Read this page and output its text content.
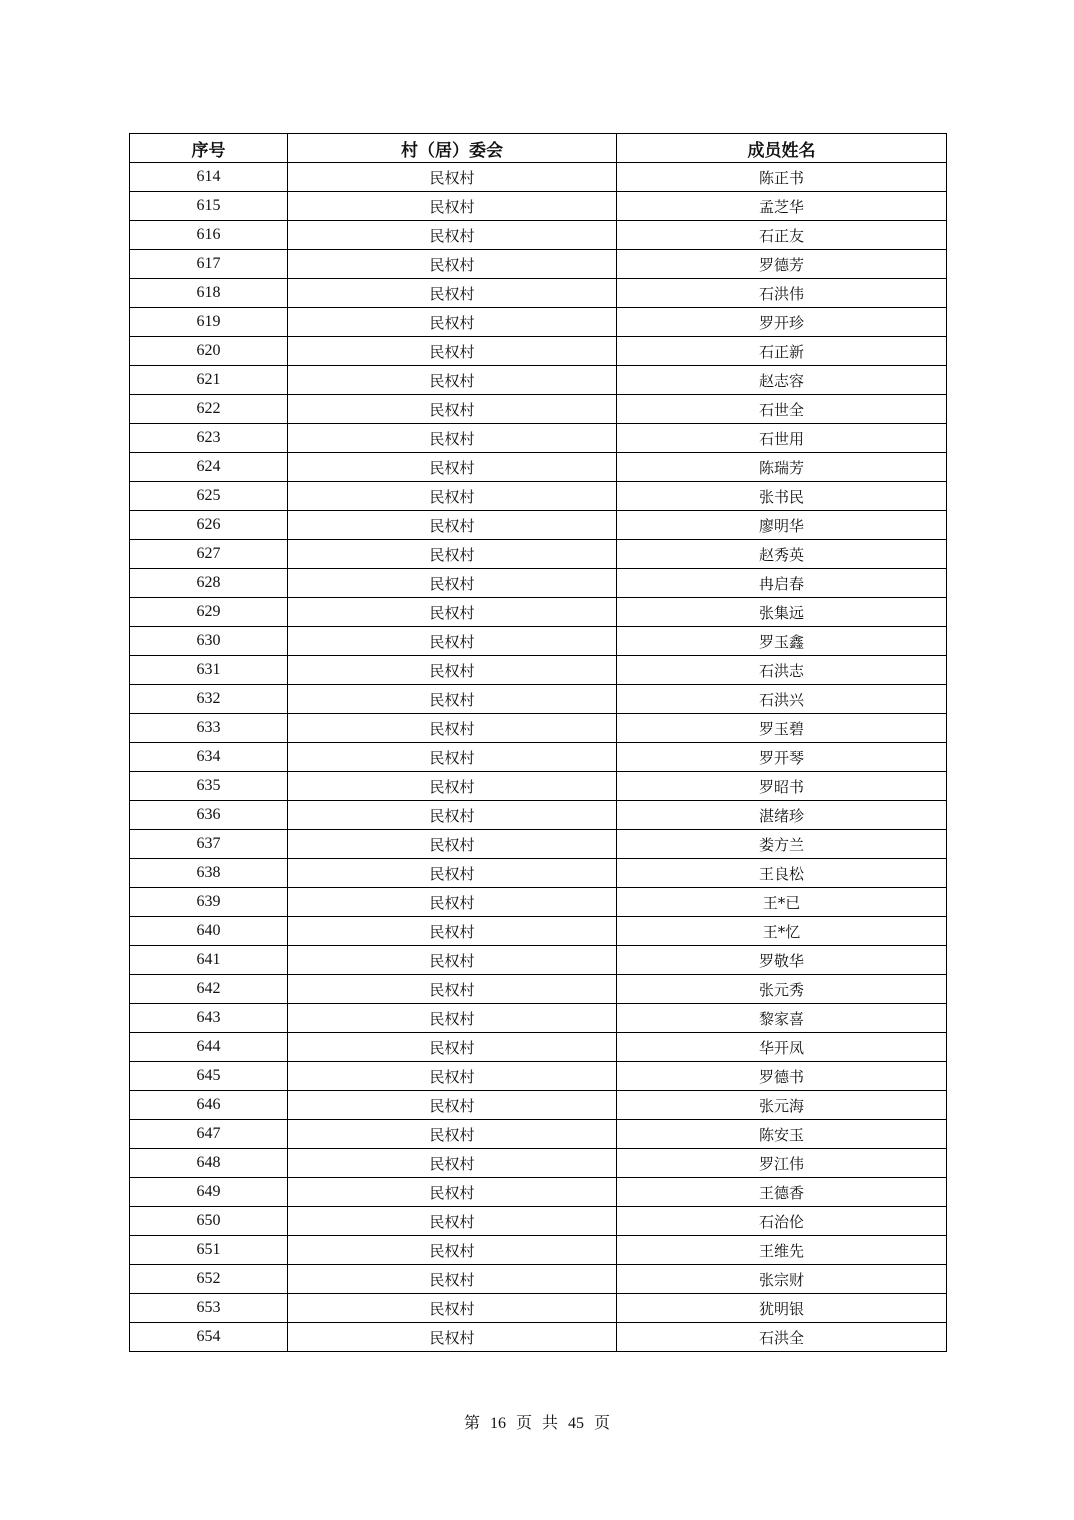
序号	村（居）委会	成员姓名
614	民权村	陈正书
615	民权村	孟芝华
616	民权村	石正友
617	民权村	罗德芳
618	民权村	石洪伟
619	民权村	罗开珍
620	民权村	石正新
621	民权村	赵志容
622	民权村	石世全
623	民权村	石世用
624	民权村	陈瑞芳
625	民权村	张书民
626	民权村	廖明华
627	民权村	赵秀英
628	民权村	冉启春
629	民权村	张集远
630	民权村	罗玉鑫
631	民权村	石洪志
632	民权村	石洪兴
633	民权村	罗玉碧
634	民权村	罗开琴
635	民权村	罗昭书
636	民权村	湛绪珍
637	民权村	娄方兰
638	民权村	王良松
639	民权村	王*已
640	民权村	王*忆
641	民权村	罗敬华
642	民权村	张元秀
643	民权村	黎家喜
644	民权村	华开凤
645	民权村	罗德书
646	民权村	张元海
647	民权村	陈安玉
648	民权村	罗江伟
649	民权村	王德香
650	民权村	石治伦
651	民权村	王维先
652	民权村	张宗财
653	民权村	犹明银
654	民权村	石洪全
第 16 页 共 45 页
